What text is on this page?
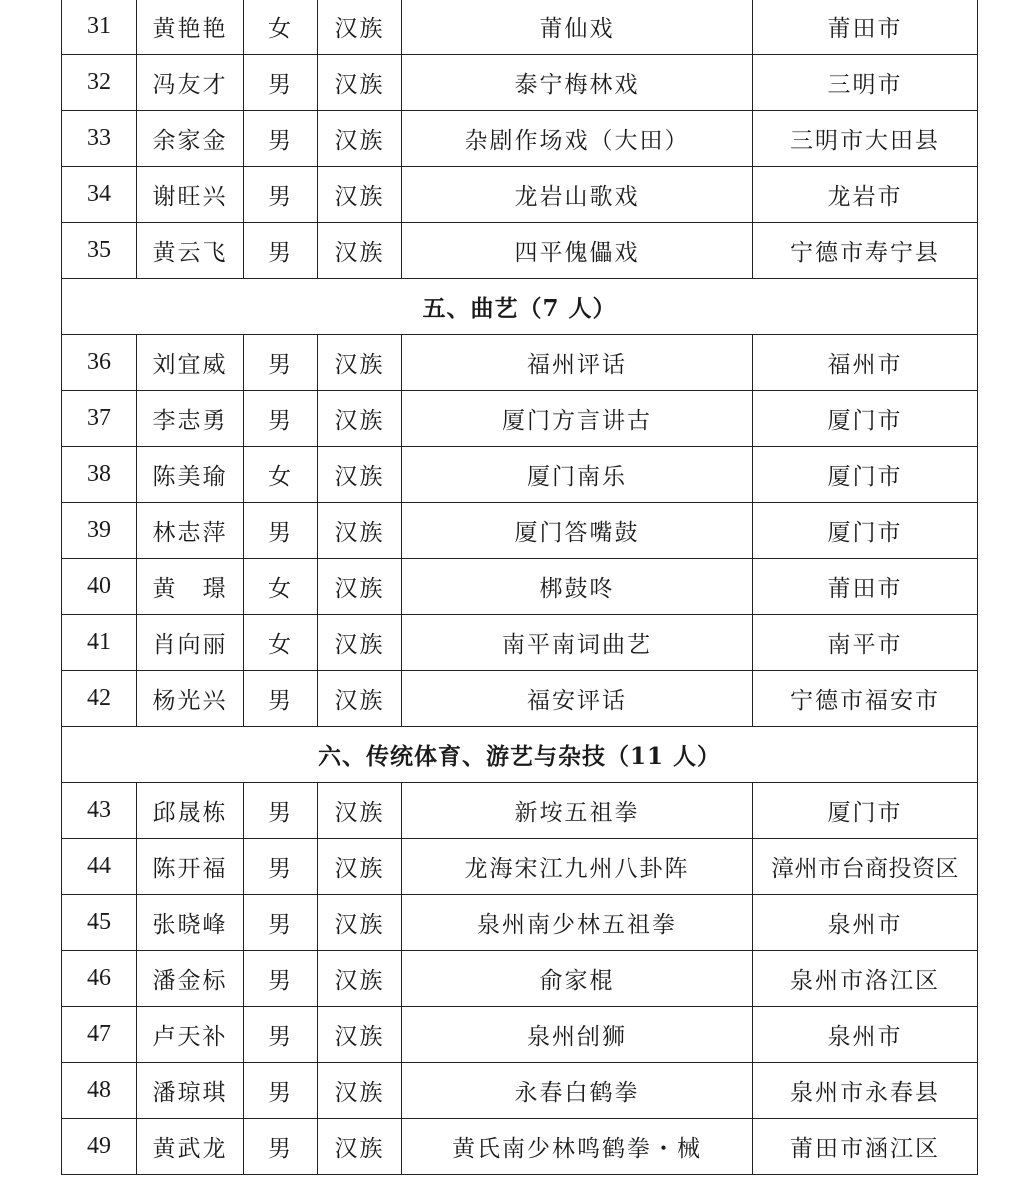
31	黄艳艳	女	汉族	莆仙戏	莆田市
32	冯友才	男	汉族	泰宁梅林戏	三明市
33	余家金	男	汉族	杂剧作场戏（大田）	三明市大田县
34	谢旺兴	男	汉族	龙岩山歌戏	龙岩市
35	黄云飞	男	汉族	四平傀儡戏	宁德市寿宁县
五、曲艺（7 人）					
36	刘宜威	男	汉族	福州评话	福州市
37	李志勇	男	汉族	厦门方言讲古	厦门市
38	陈美瑜	女	汉族	厦门南乐	厦门市
39	林志萍	男	汉族	厦门答嘴鼓	厦门市
40	黄　璟	女	汉族	梆鼓咚	莆田市
41	肖向丽	女	汉族	南平南词曲艺	南平市
42	杨光兴	男	汉族	福安评话	宁德市福安市
六、传统体育、游艺与杂技（11 人）					
43	邱晟栋	男	汉族	新垵五祖拳	厦门市
44	陈开福	男	汉族	龙海宋江九州八卦阵	漳州市台商投资区
45	张晓峰	男	汉族	泉州南少林五祖拳	泉州市
46	潘金标	男	汉族	俞家棍	泉州市洛江区
47	卢天补	男	汉族	泉州刣狮	泉州市
48	潘琼琪	男	汉族	永春白鹤拳	泉州市永春县
49	黄武龙	男	汉族	黄氏南少林鸣鹤拳・械	莆田市涵江区
